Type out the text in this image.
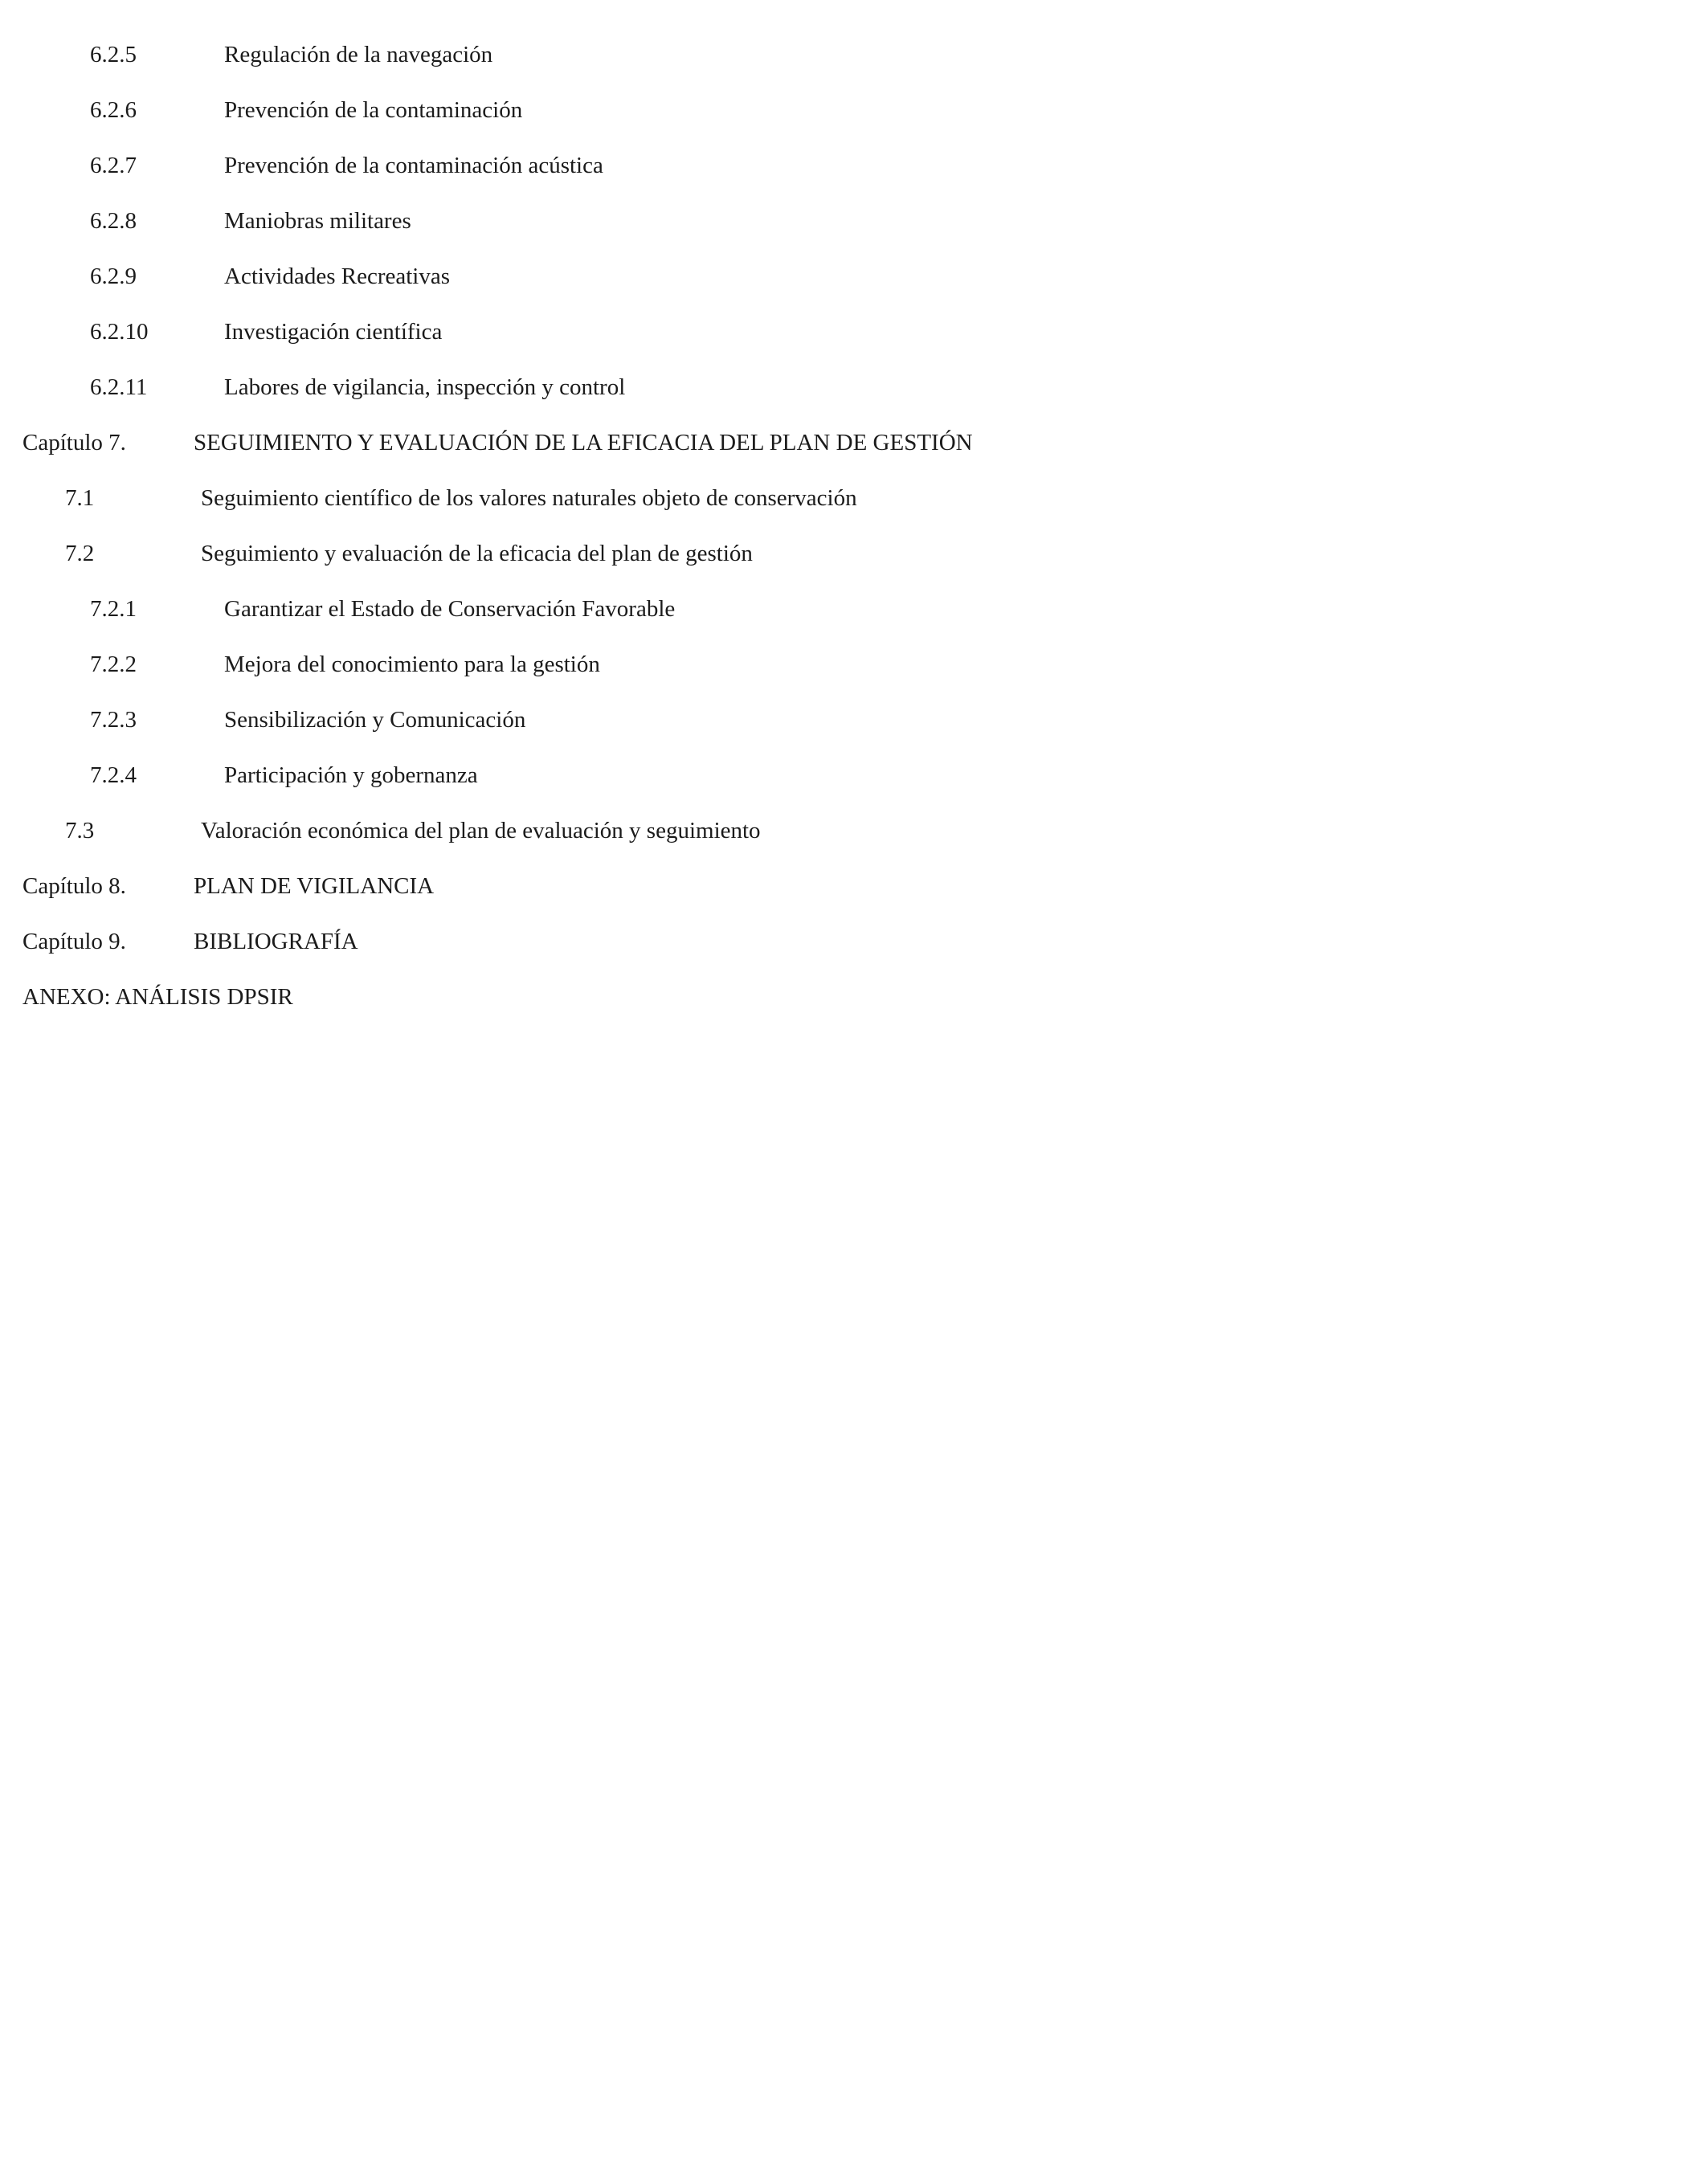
6.2.5	Regulación de la navegación
6.2.6	Prevención de la contaminación
6.2.7	Prevención de la contaminación acústica
6.2.8	Maniobras militares
6.2.9	Actividades Recreativas
6.2.10	Investigación científica
6.2.11	Labores de vigilancia, inspección y control
Capítulo 7.	SEGUIMIENTO Y EVALUACIÓN DE LA EFICACIA DEL PLAN DE GESTIÓN
7.1	Seguimiento científico de los valores naturales objeto de conservación
7.2	Seguimiento y evaluación de la eficacia del plan de gestión
7.2.1	Garantizar el Estado de Conservación Favorable
7.2.2	Mejora del conocimiento para la gestión
7.2.3	Sensibilización y Comunicación
7.2.4	Participación y gobernanza
7.3	Valoración económica del plan de evaluación y seguimiento
Capítulo 8.	PLAN DE VIGILANCIA
Capítulo 9.	BIBLIOGRAFÍA
ANEXO: ANÁLISIS DPSIR
